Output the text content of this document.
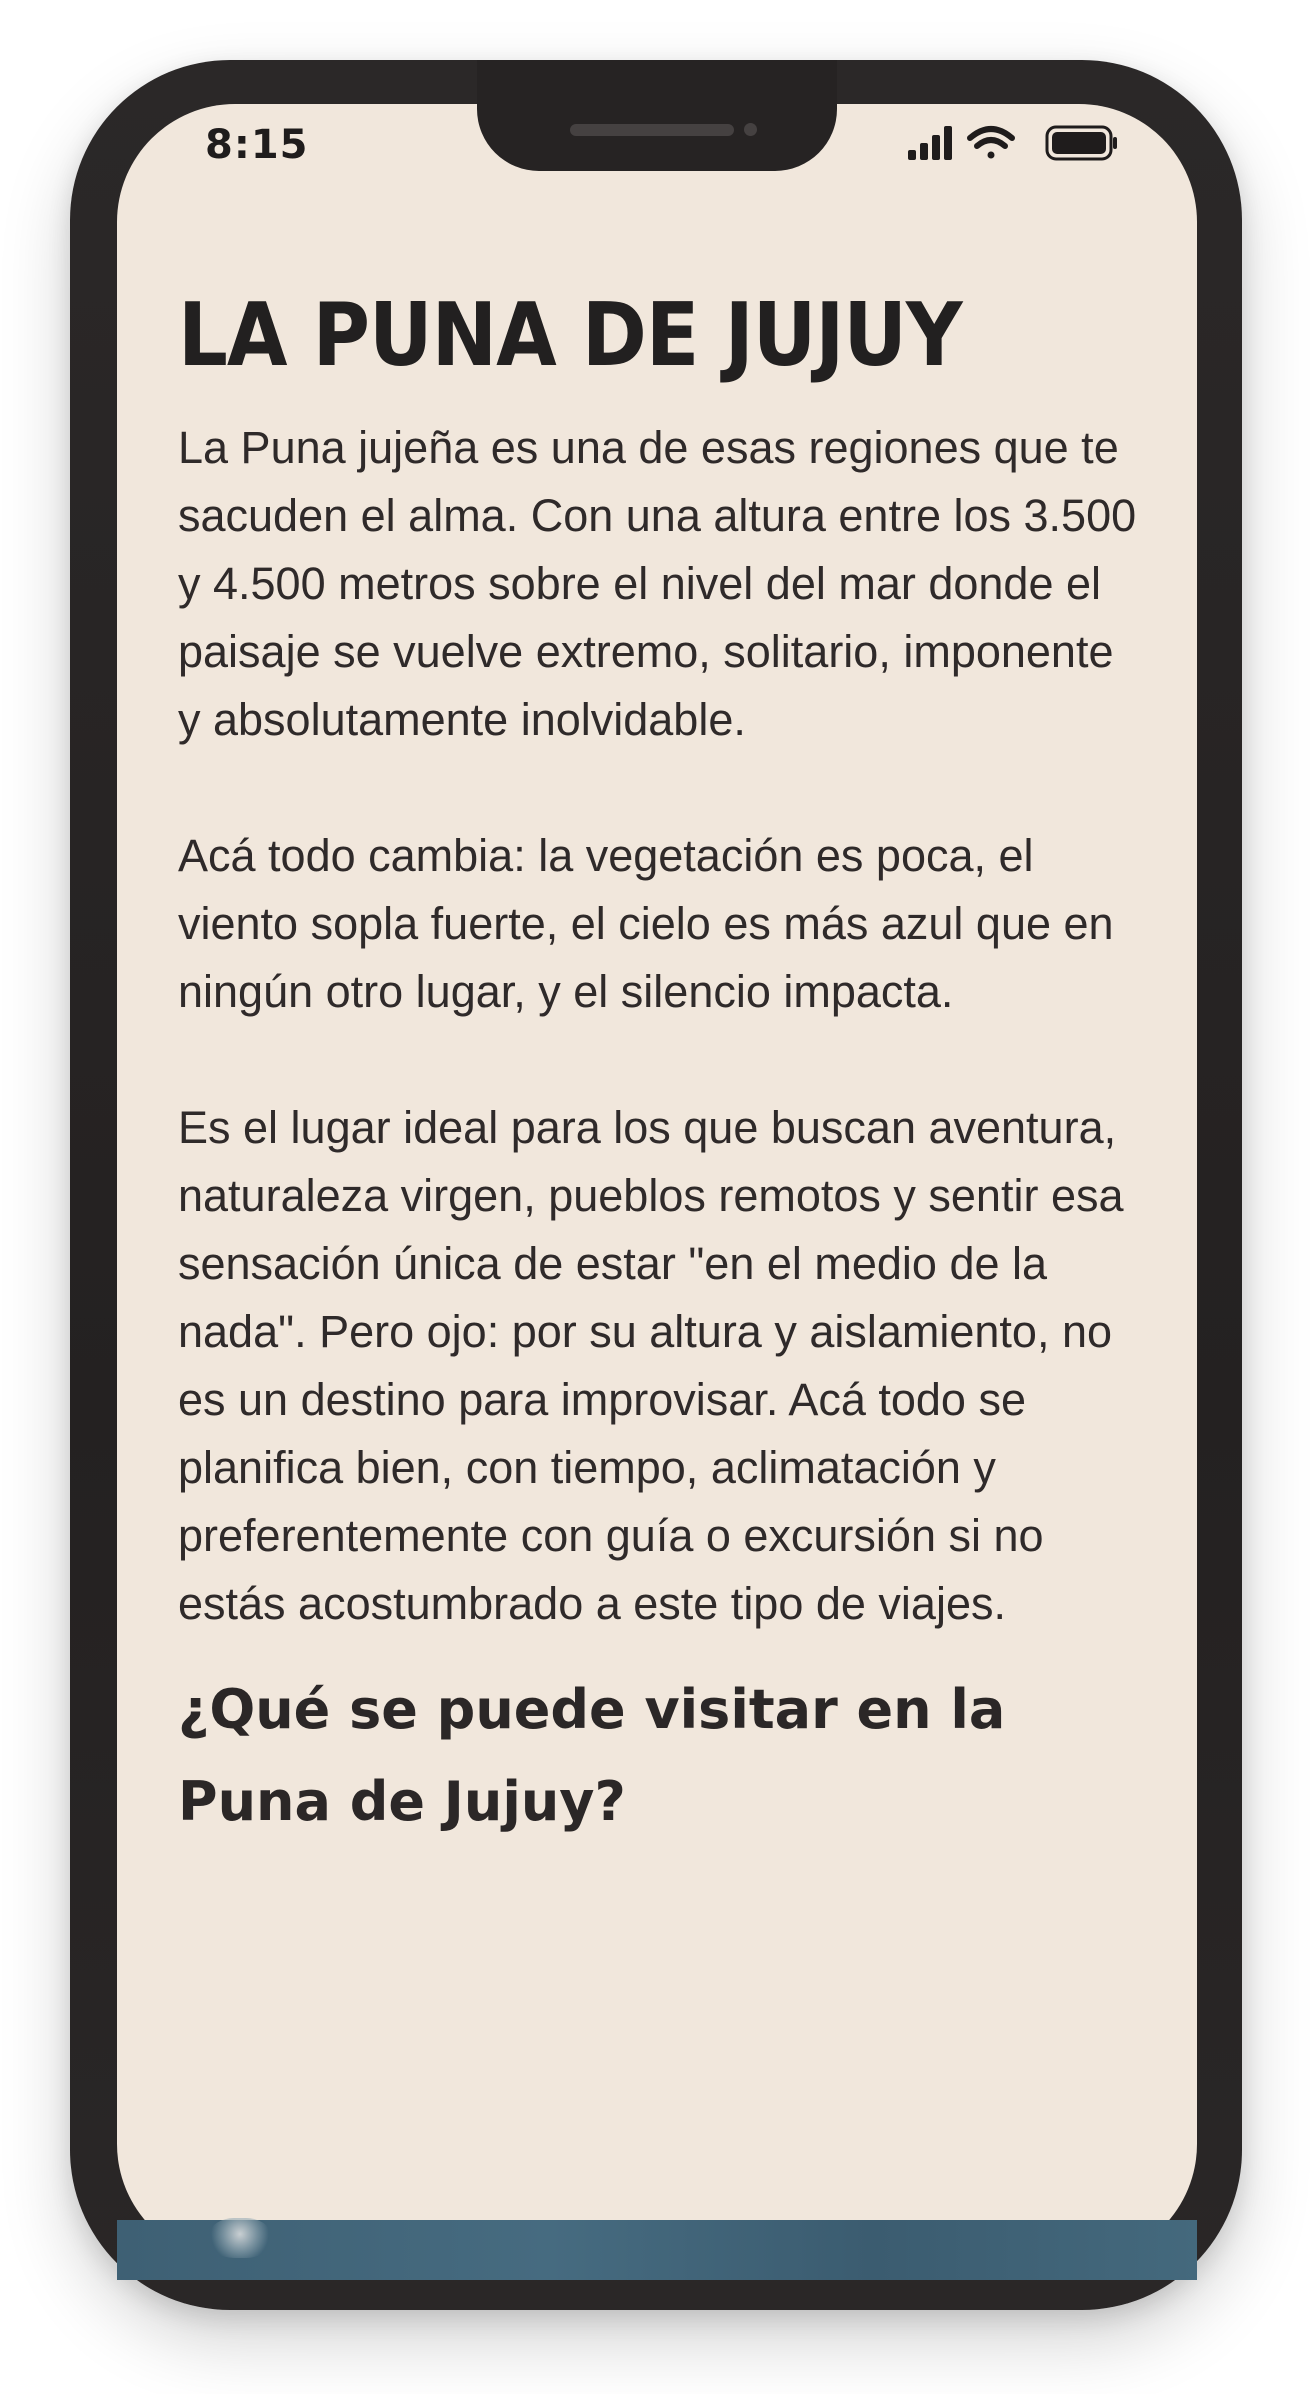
8:15
LA PUNA DE JUJUY

La Puna jujeña es una de esas regiones que te sacuden el alma. Con una altura entre los 3.500 y 4.500 metros sobre el nivel del mar donde el paisaje se vuelve extremo, solitario, imponente y absolutamente inolvidable.

Acá todo cambia: la vegetación es poca, el viento sopla fuerte, el cielo es más azul que en ningún otro lugar, y el silencio impacta.

Es el lugar ideal para los que buscan aventura, naturaleza virgen, pueblos remotos y sentir esa sensación única de estar "en el medio de la nada". Pero ojo: por su altura y aislamiento, no es un destino para improvisar. Acá todo se planifica bien, con tiempo, aclimatación y preferentemente con guía o excursión si no estás acostumbrado a este tipo de viajes.

¿Qué se puede visitar en la Puna de Jujuy?
